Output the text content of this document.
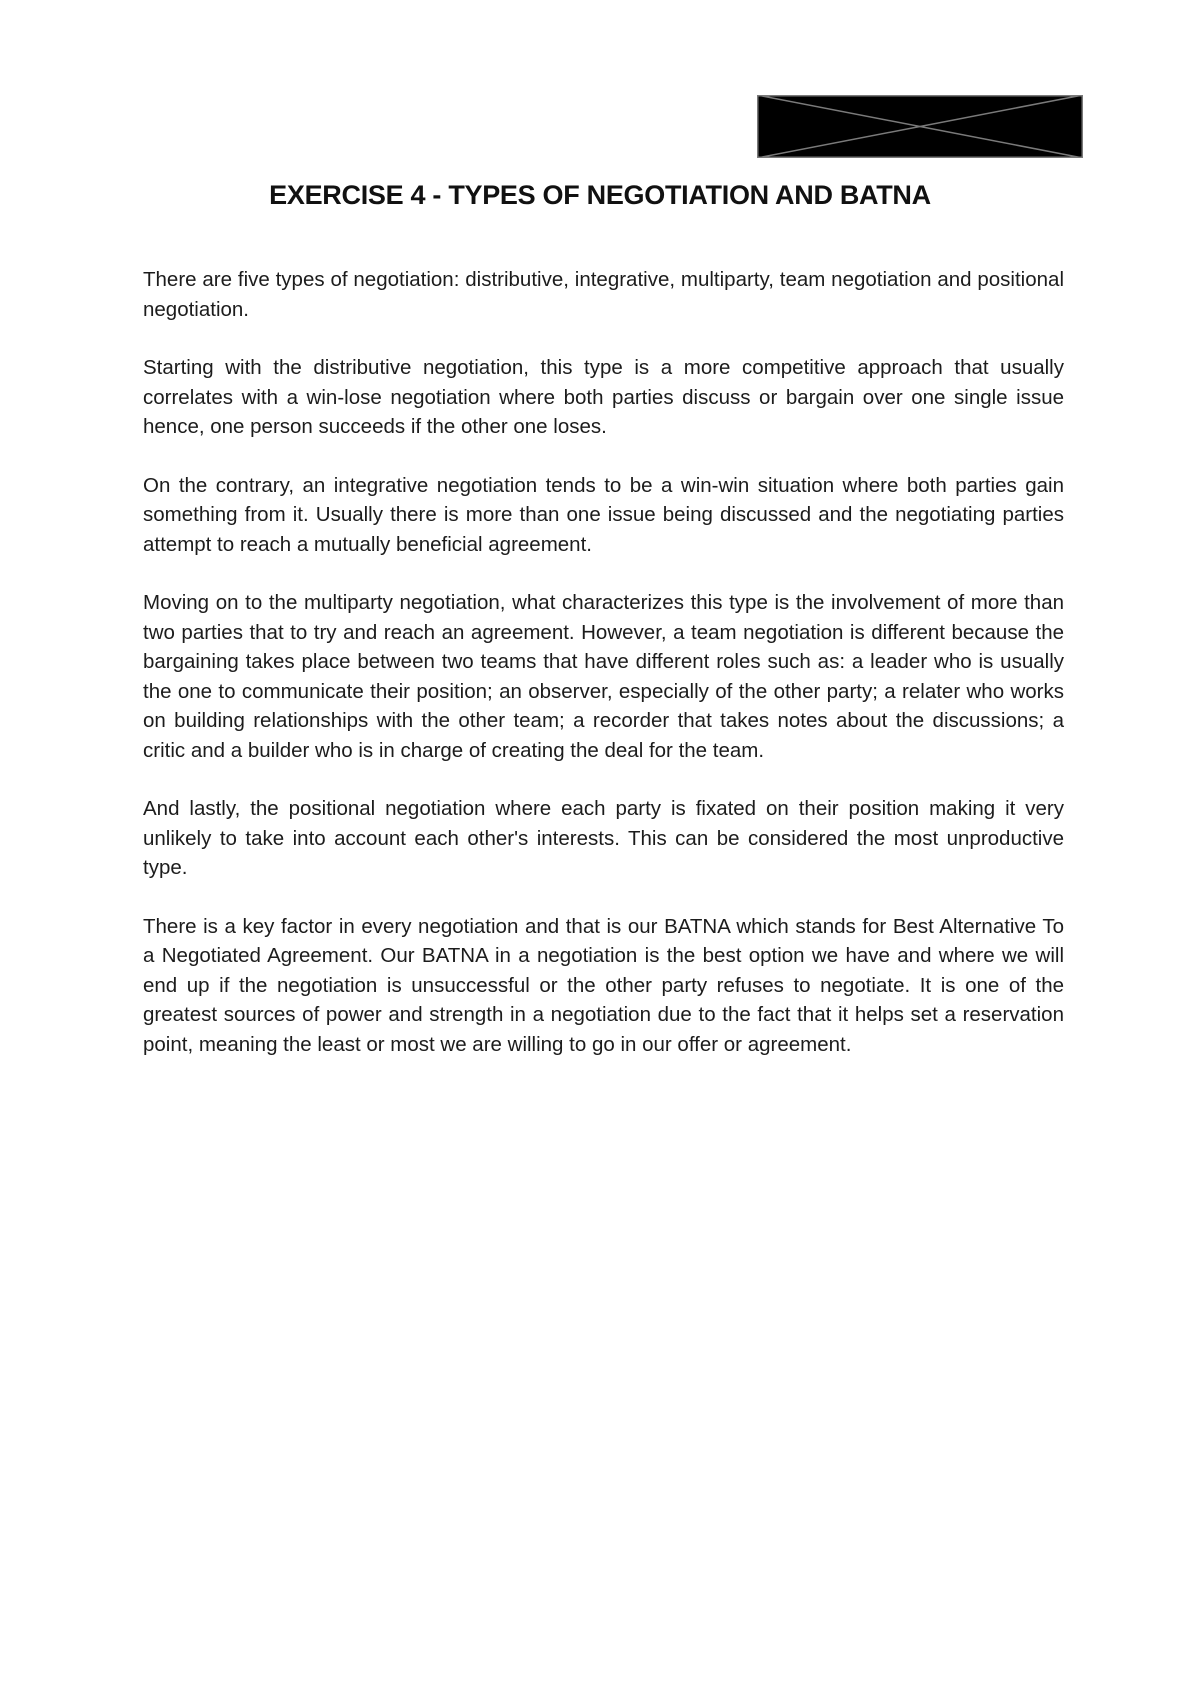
EXERCISE 4 - TYPES OF NEGOTIATION AND BATNA

There are five types of negotiation: distributive, integrative, multiparty, team negotiation and positional negotiation.

Starting with the distributive negotiation, this type is a more competitive approach that usually correlates with a win-lose negotiation where both parties discuss or bargain over one single issue hence, one person succeeds if the other one loses.

On the contrary, an integrative negotiation tends to be a win-win situation where both parties gain something from it. Usually there is more than one issue being discussed and the negotiating parties attempt to reach a mutually beneficial agreement.

Moving on to the multiparty negotiation, what characterizes this type is the involvement of more than two parties that to try and reach an agreement. However, a team negotiation is different because the bargaining takes place between two teams that have different roles such as: a leader who is usually the one to communicate their position; an observer, especially of the other party; a relater who works on building relationships with the other team; a recorder that takes notes about the discussions; a critic and a builder who is in charge of creating the deal for the team.

And lastly, the positional negotiation where each party is fixated on their position making it very unlikely to take into account each other's interests. This can be considered the most unproductive type.

There is a key factor in every negotiation and that is our BATNA which stands for Best Alternative To a Negotiated Agreement. Our BATNA in a negotiation is the best option we have and where we will end up if the negotiation is unsuccessful or the other party refuses to negotiate. It is one of the greatest sources of power and strength in a negotiation due to the fact that it helps set a reservation point, meaning the least or most we are willing to go in our offer or agreement.
